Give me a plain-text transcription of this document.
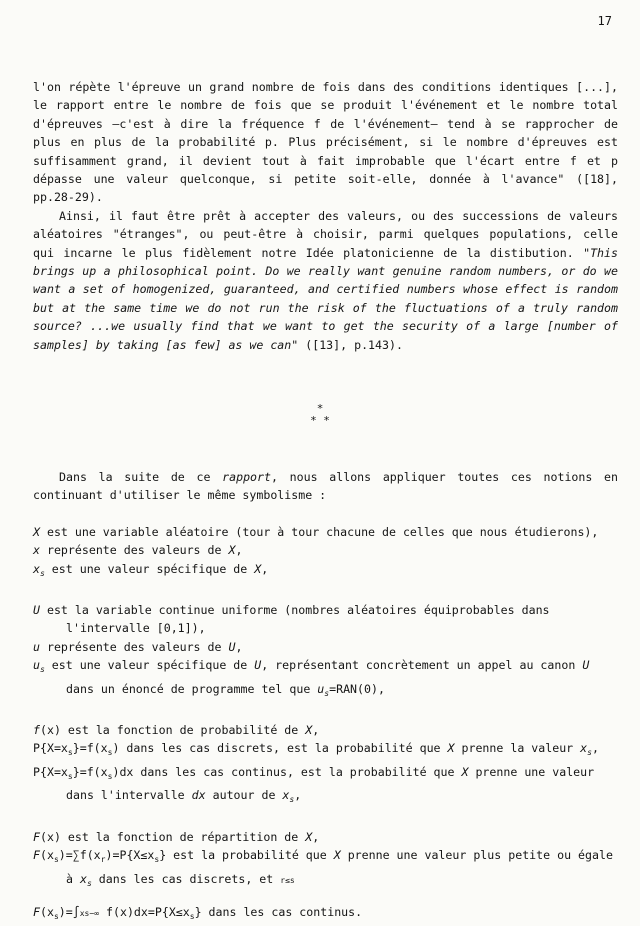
17

l'on répète l'épreuve un grand nombre de fois dans des conditions identiques [...], le rapport entre le nombre de fois que se produit l'événement et le nombre total d'épreuves —c'est à dire la fréquence f de l'événement— tend à se rapprocher de plus en plus de la probabilité p. Plus précisément, si le nombre d'épreuves est suffisamment grand, il devient tout à fait improbable que l'écart entre f et p dépasse une valeur quelconque, si petite soit-elle, donnée à l'avance" ([18], pp.28-29).

Ainsi, il faut être prêt à accepter des valeurs, ou des successions de valeurs aléatoires "étranges", ou peut-être à choisir, parmi quelques populations, celle qui incarne le plus fidèlement notre Idée platonicienne de la distibution. "This brings up a philosophical point. Do we really want genuine random numbers, or do we want a set of homogenized, guaranteed, and certified numbers whose effect is random but at the same time we do not run the risk of the fluctuations of a truly random source? ...we usually find that we want to get the security of a large [number of samples] by taking [as few] as we can" ([13], p.143).

*
* *

Dans la suite de ce rapport, nous allons appliquer toutes ces notions en continuant d'utiliser le même symbolisme :

X est une variable aléatoire (tour à tour chacune de celles que nous étudierons),

x représente des valeurs de X,

$x_s$ est une valeur spécifique de X,

U est la variable continue uniforme (nombres aléatoires équiprobables dans l'intervalle [0,1]),

u représente des valeurs de U,

$u_s$ est une valeur spécifique de U, représentant concrètement un appel au canon U dans un énoncé de programme tel que $u_s=RAN(0)$,

f(x) est la fonction de probabilité de X,

$P\{X=x_s\}=f(x_s)$ dans les cas discrets, est la probabilité que X prenne la valeur $x_s$,

$P\{X=x_s\}=f(x_s)dx$ dans les cas continus, est la probabilité que X prenne une valeur dans l'intervalle dx autour de $x_s$,

F(x) est la fonction de répartition de X,

$F(x_s)=\sum f(x_r)=P\{X\le x_s\}$ est la probabilité que X prenne une valeur plus petite ou égale à $x_s$ dans les cas discrets, et r≤s

$F(x_s)=\int xs-\infty$ $f(x)dx=P\{X\le x_s\}$ dans les cas continus.
